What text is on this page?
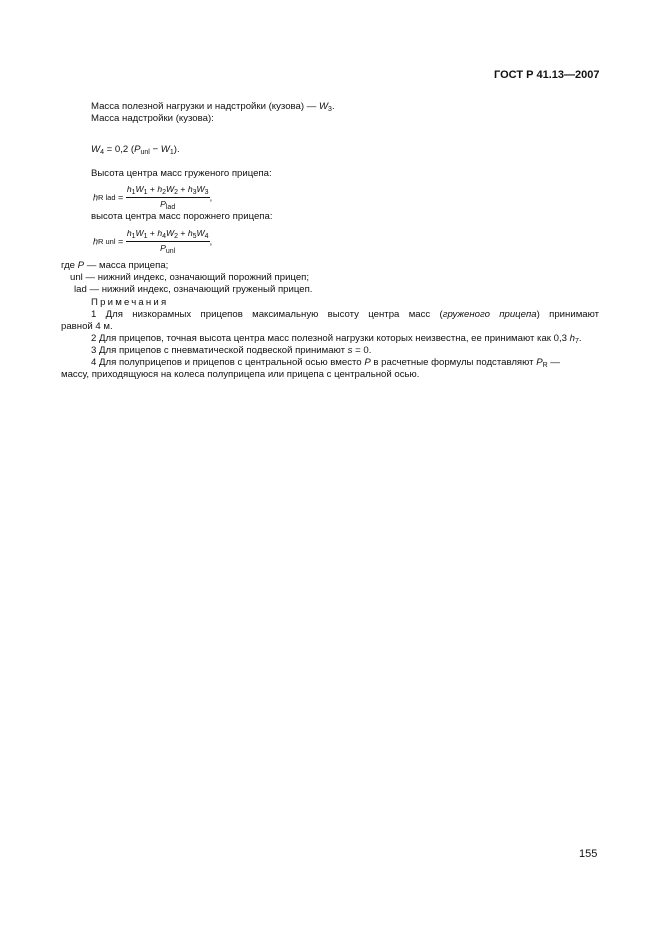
ГОСТ Р 41.13—2007
Масса полезной нагрузки и надстройки (кузова) — $W_3$.
Масса надстройки (кузова):
$W_4 = 0,2$ $(P_{unl} - W_1)$.
Высота центра масс груженого прицепа:
hR lad = $\frac{h_1W_1 + h_2W_2 + h_3W_3}{P_{lad}}$ ,
высота центра масс порожнего прицепа:
hR unl = $\frac{h_1W_1 + h_4W_2 + h_5W_4}{P_{unl}}$ ,
где P — масса прицепа;
unl — нижний индекс, означающий порожний прицеп;
lad — нижний индекс, означающий груженый прицеп.
Примечания
1 Для низкорамных прицепов максимальную высоту центра масс (груженого прицепа) принимают
равной 4 м.
2 Для прицепов, точная высота центра масс полезной нагрузки которых неизвестна, ее принимают как 0,3 $h_7$.
3 Для прицепов с пневматической подвеской принимают s = 0.
4 Для полуприцепов и прицепов с центральной осью вместо P в расчетные формулы подставляют $P_R$ —
массу, приходящуюся на колеса полуприцепа или прицепа с центральной осью.
155
